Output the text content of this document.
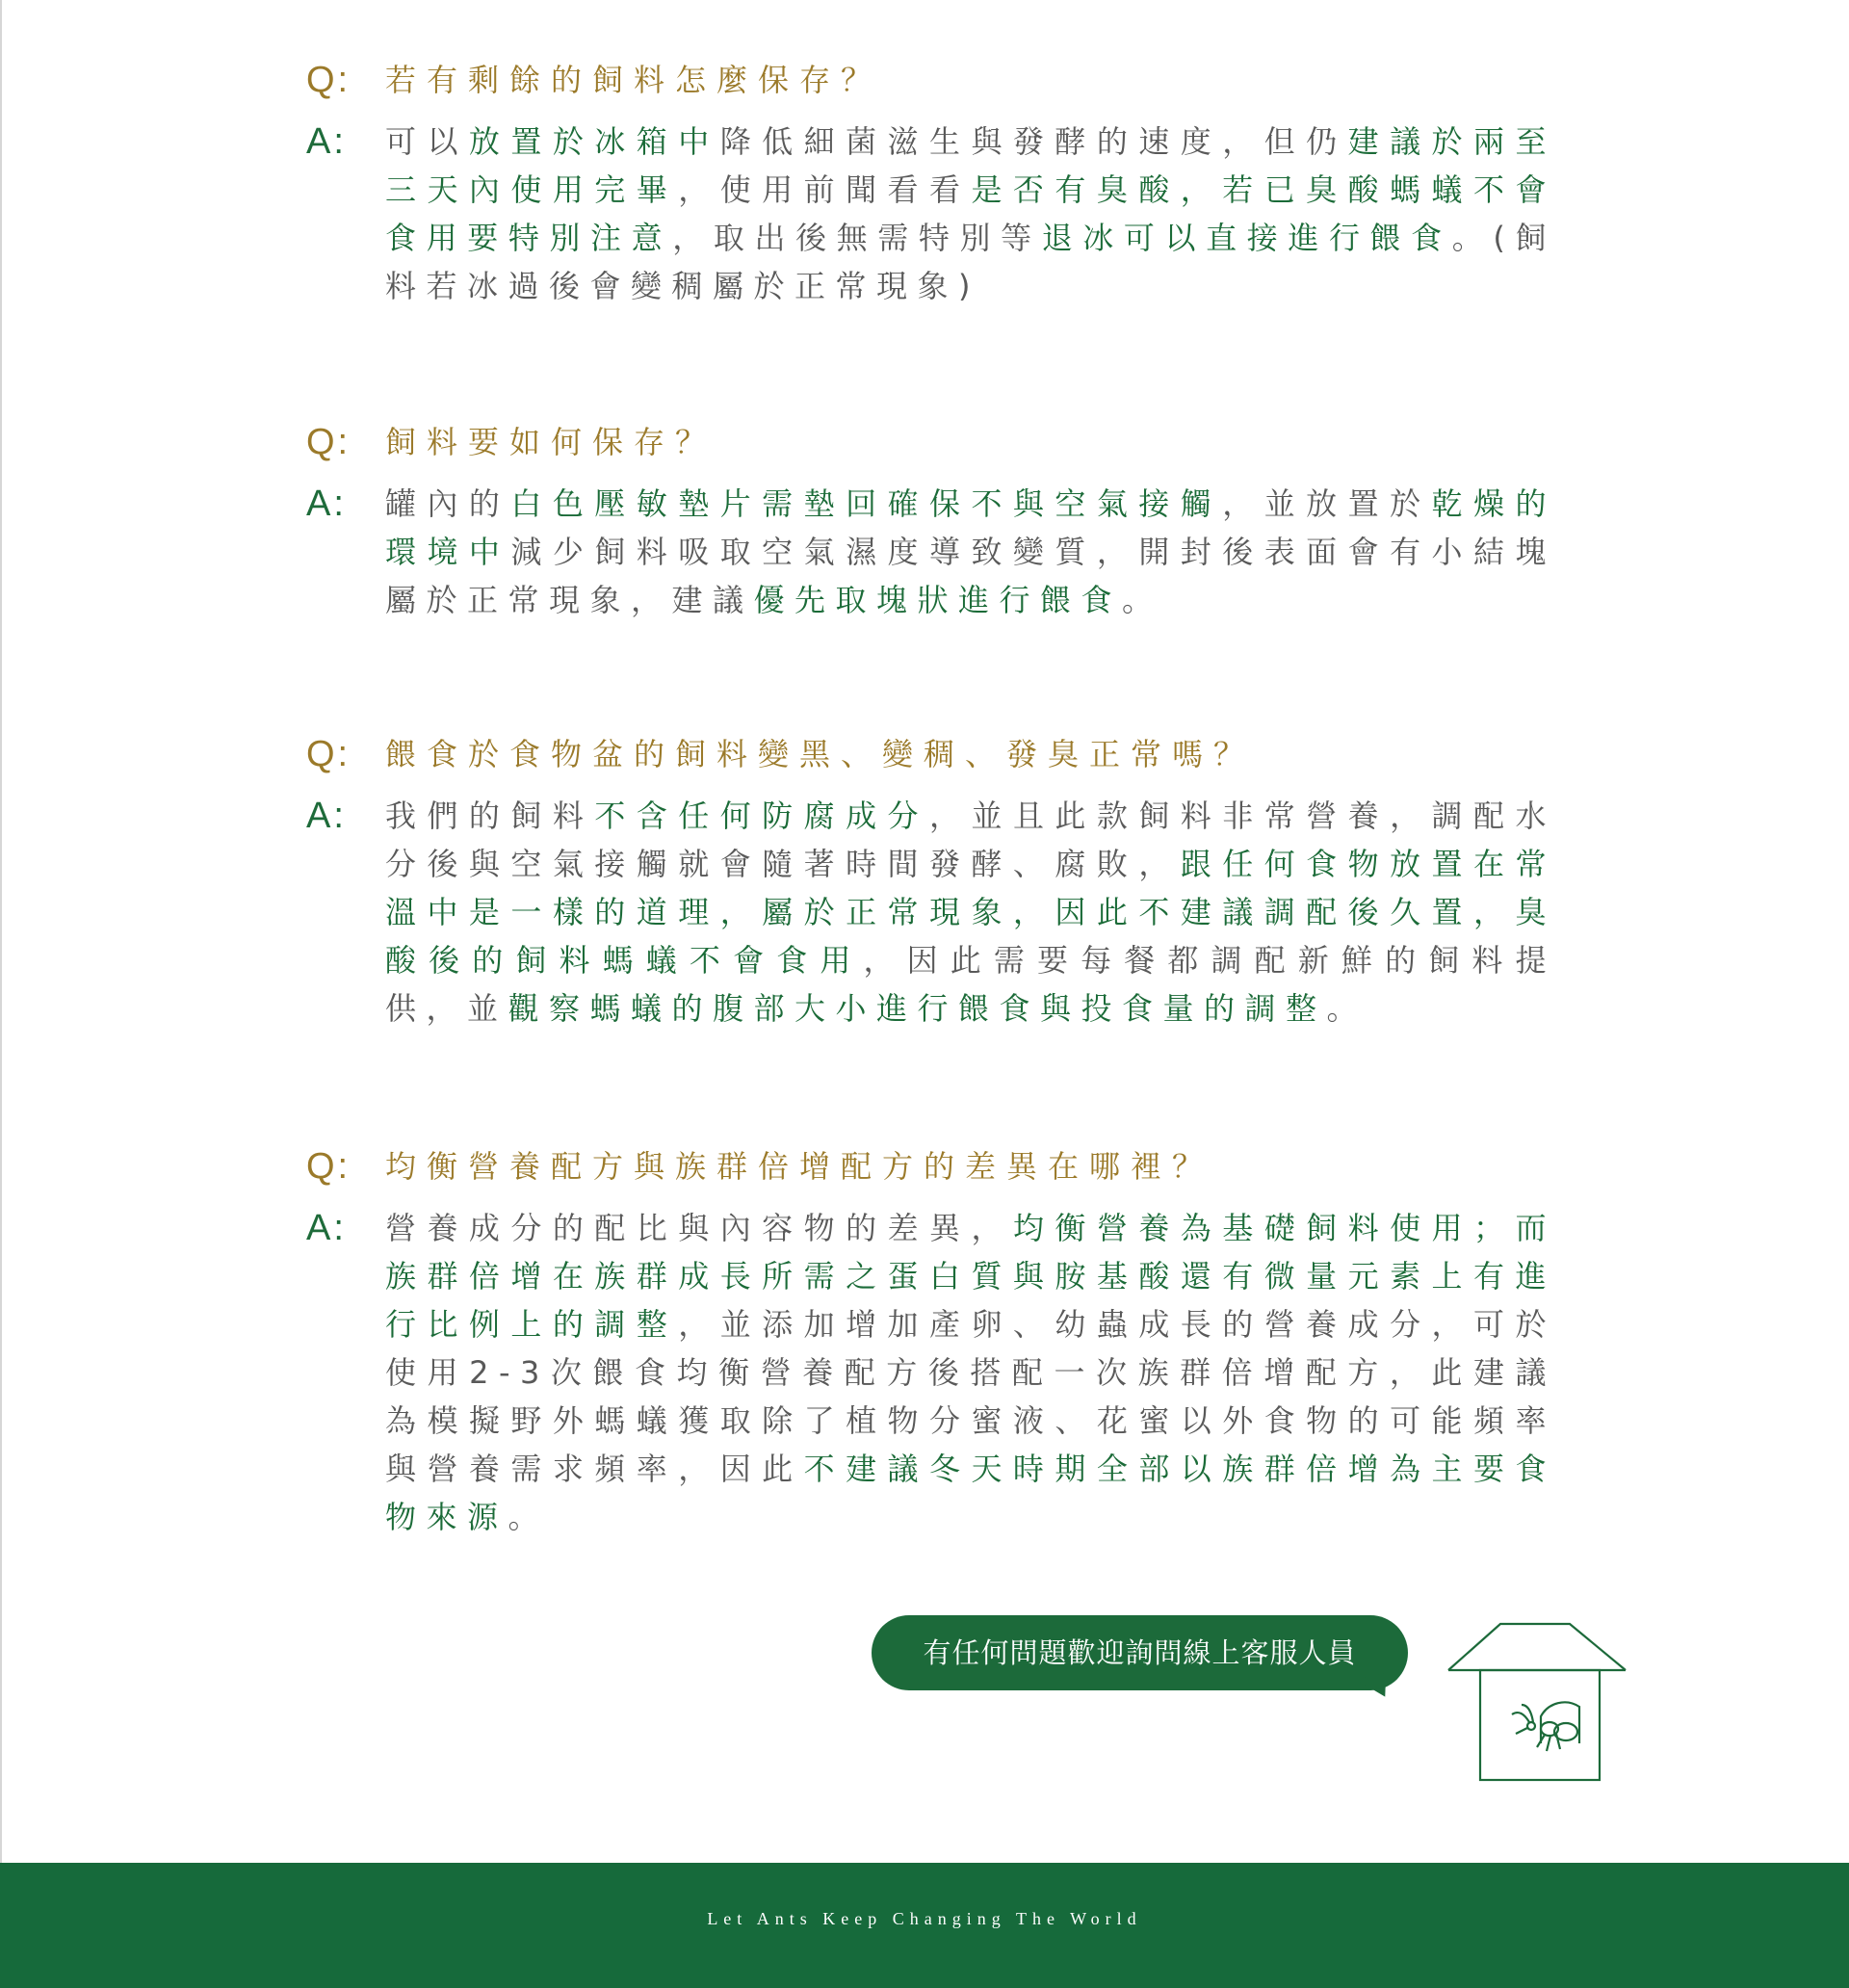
Q:	若有剩餘的飼料怎麼保存？
A:	可以放置於冰箱中降低細菌滋生與發酵的速度，但仍建議於兩至三天內使用完畢，使用前聞看看是否有臭酸，若已臭酸螞蟻不會食用要特別注意，取出後無需特別等退冰可以直接進行餵食。(飼料若冰過後會變稠屬於正常現象)
Q:	飼料要如何保存？
A:	罐內的白色壓敏墊片需墊回確保不與空氣接觸，並放置於乾燥的環境中減少飼料吸取空氣濕度導致變質，開封後表面會有小結塊屬於正常現象，建議優先取塊狀進行餵食。
Q:	餵食於食物盆的飼料變黑、變稠、發臭正常嗎？
A:	我們的飼料不含任何防腐成分，並且此款飼料非常營養，調配水分後與空氣接觸就會隨著時間發酵、腐敗，跟任何食物放置在常溫中是一樣的道理，屬於正常現象，因此不建議調配後久置，臭酸後的飼料螞蟻不會食用，因此需要每餐都調配新鮮的飼料提供，並觀察螞蟻的腹部大小進行餵食與投食量的調整。
Q:	均衡營養配方與族群倍增配方的差異在哪裡？
A:	營養成分的配比與內容物的差異，均衡營養為基礎飼料使用；而族群倍增在族群成長所需之蛋白質與胺基酸還有微量元素上有進行比例上的調整，並添加增加產卵、幼蟲成長的營養成分，可於使用2-3次餵食均衡營養配方後搭配一次族群倍增配方，此建議為模擬野外螞蟻獲取除了植物分蜜液、花蜜以外食物的可能頻率與營養需求頻率，因此不建議冬天時期全部以族群倍增為主要食物來源。
有任何問題歡迎詢問線上客服人員
Let Ants Keep Changing The World
